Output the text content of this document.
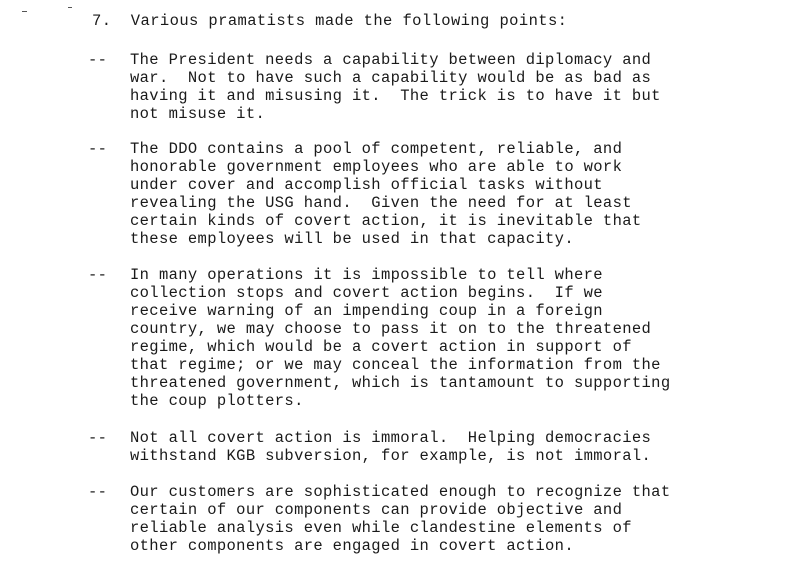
7.  Various pramatists made the following points:
-- The President needs a capability between diplomacy and
war.  Not to have such a capability would be as bad as
having it and misusing it.  The trick is to have it but
not misuse it.
-- The DDO contains a pool of competent, reliable, and
honorable government employees who are able to work
under cover and accomplish official tasks without
revealing the USG hand.  Given the need for at least
certain kinds of covert action, it is inevitable that
these employees will be used in that capacity.
-- In many operations it is impossible to tell where
collection stops and covert action begins.  If we
receive warning of an impending coup in a foreign
country, we may choose to pass it on to the threatened
regime, which would be a covert action in support of
that regime; or we may conceal the information from the
threatened government, which is tantamount to supporting
the coup plotters.
-- Not all covert action is immoral.  Helping democracies
withstand KGB subversion, for example, is not immoral.
-- Our customers are sophisticated enough to recognize that
certain of our components can provide objective and
reliable analysis even while clandestine elements of
other components are engaged in covert action.
